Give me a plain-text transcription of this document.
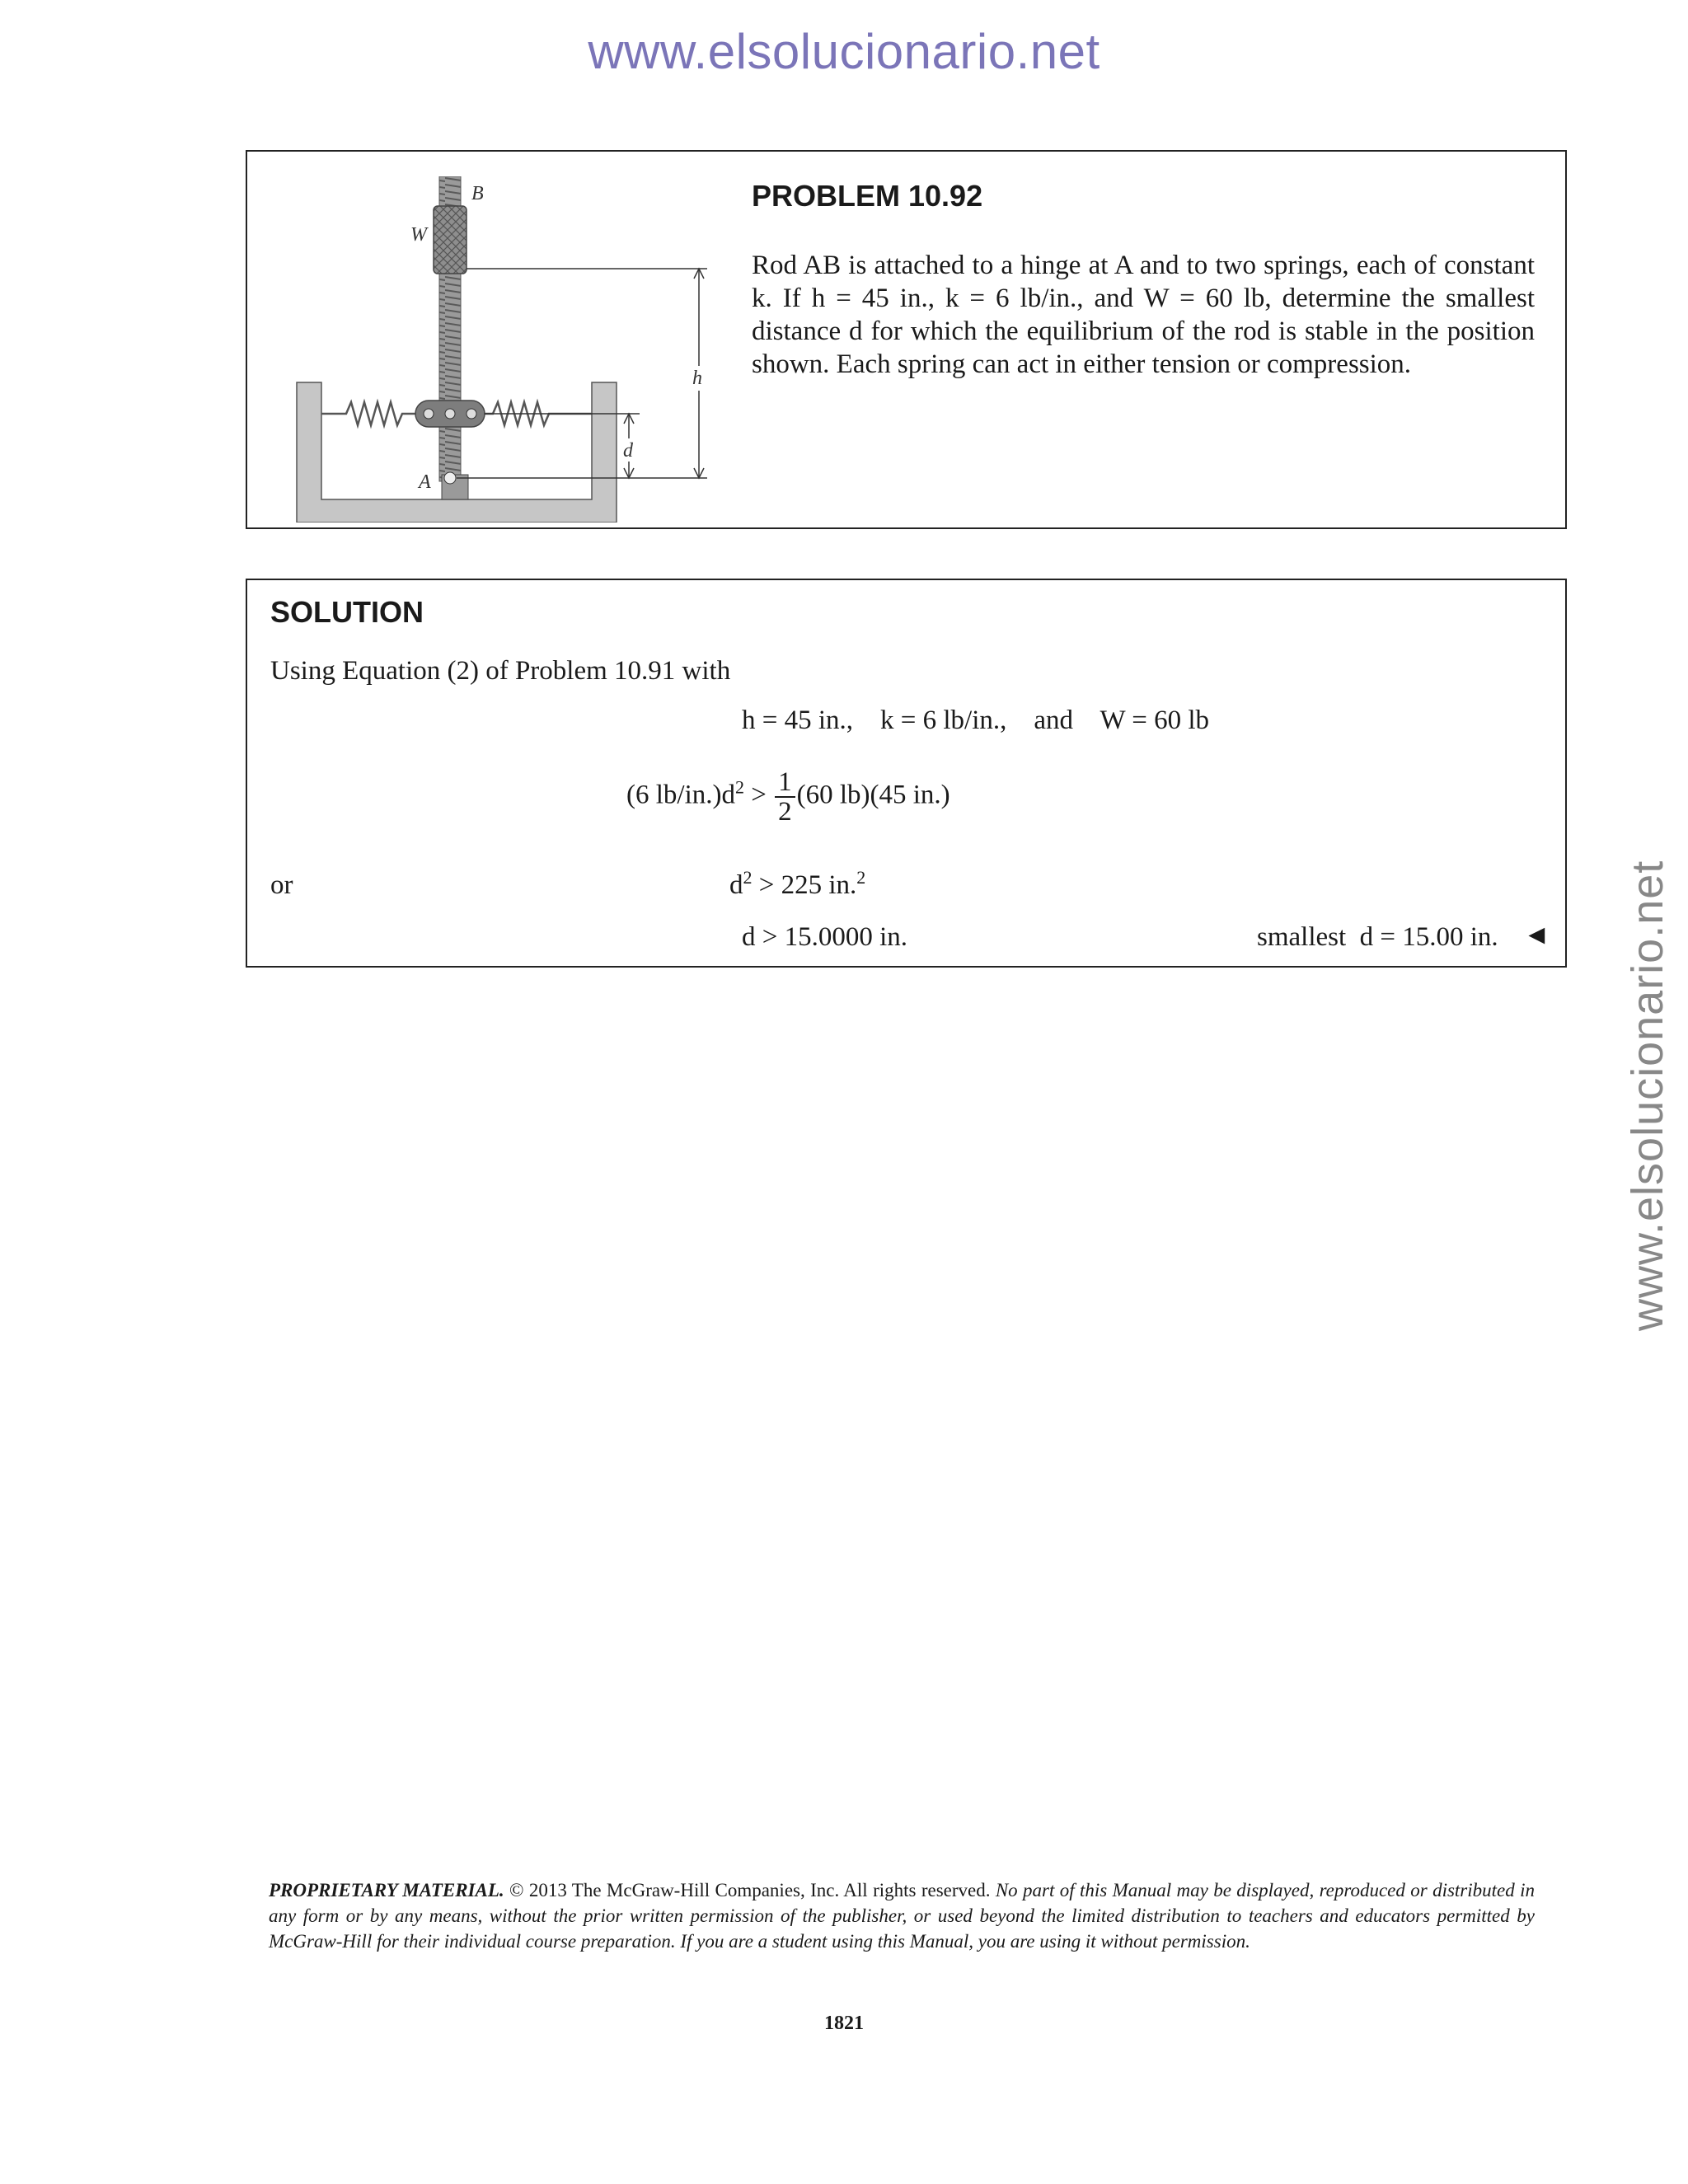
www.elsolucionario.net
www.elsolucionario.net
B
W
h
d
A
PROBLEM 10.92
Rod AB is attached to a hinge at A and to two springs, each of constant k. If h = 45 in., k = 6 lb/in., and W = 60 lb, determine the smallest distance d for which the equilibrium of the rod is stable in the position shown. Each spring can act in either tension or compression.
SOLUTION
Using Equation (2) of Problem 10.91 with
h = 45 in.,    k = 6 lb/in.,    and    W = 60 lb
(6 $lb/in.)d^2 > \frac{1}{2} (60$ lb)(45 in.)
or	$d^2 > 225$ in.$^2$
d > 15.0000 in.	smallest  d = 15.00 in. ◄
PROPRIETARY MATERIAL. © 2013 The McGraw-Hill Companies, Inc. All rights reserved. No part of this Manual may be displayed, reproduced or distributed in any form or by any means, without the prior written permission of the publisher, or used beyond the limited distribution to teachers and educators permitted by McGraw-Hill for their individual course preparation. If you are a student using this Manual, you are using it without permission.
1821
